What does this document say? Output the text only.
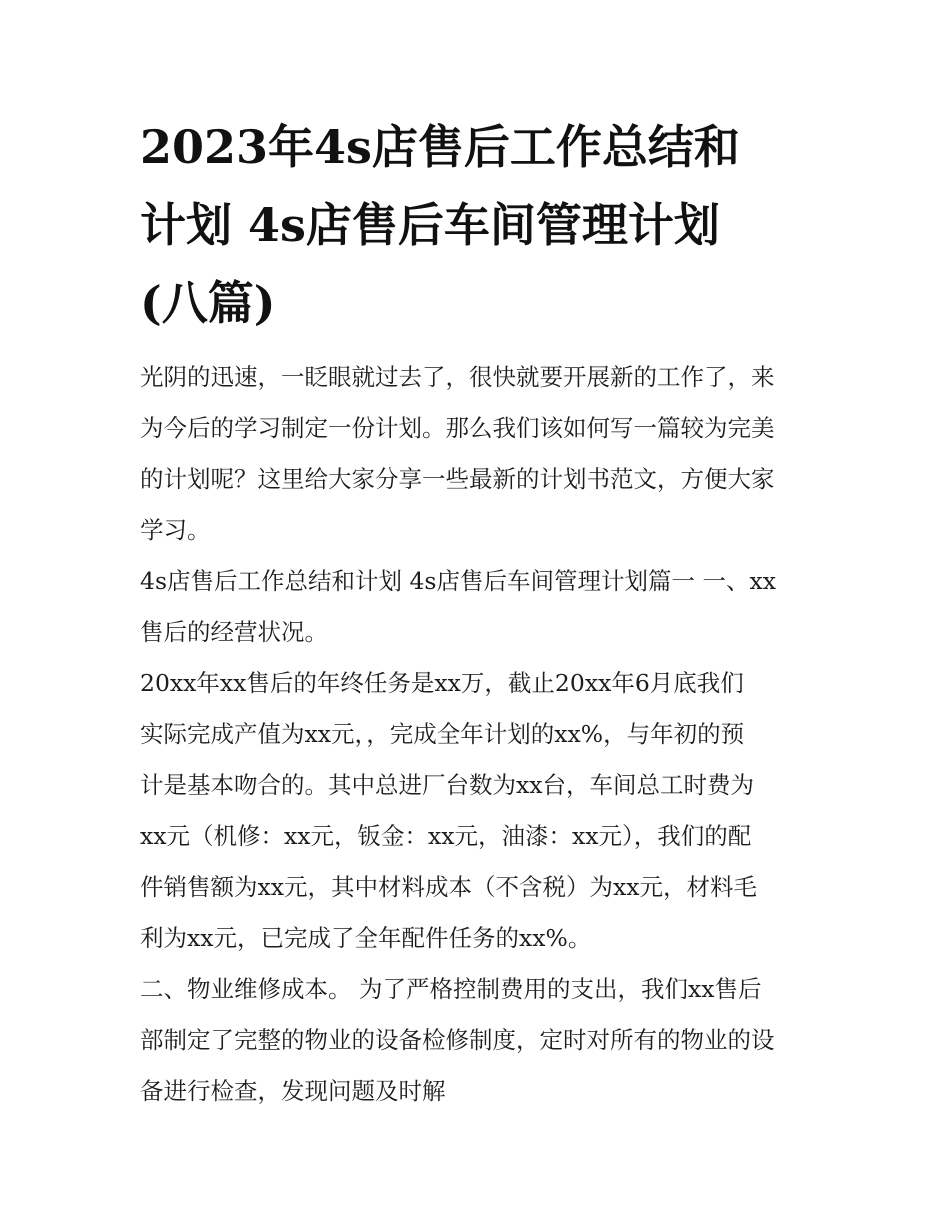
2023年4s店售后工作总结和
计划 4s店售后车间管理计划
(八篇)

光阴的迅速，一眨眼就过去了，很快就要开展新的工作了，来
为今后的学习制定一份计划。那么我们该如何写一篇较为完美
的计划呢？这里给大家分享一些最新的计划书范文，方便大家
学习。

4s店售后工作总结和计划 4s店售后车间管理计划篇一 一、xx
售后的经营状况。

20xx年xx售后的年终任务是xx万，截止20xx年6月底我们
实际完成产值为xx元，，完成全年计划的xx%，与年初的预
计是基本吻合的。其中总进厂台数为xx台，车间总工时费为
xx元（机修：xx元，钣金：xx元，油漆：xx元），我们的配
件销售额为xx元，其中材料成本（不含税）为xx元，材料毛
利为xx元，已完成了全年配件任务的xx%。

二、物业维修成本。 为了严格控制费用的支出，我们xx售后
部制定了完整的物业的设备检修制度，定时对所有的物业的设
备进行检查，发现问题及时解
